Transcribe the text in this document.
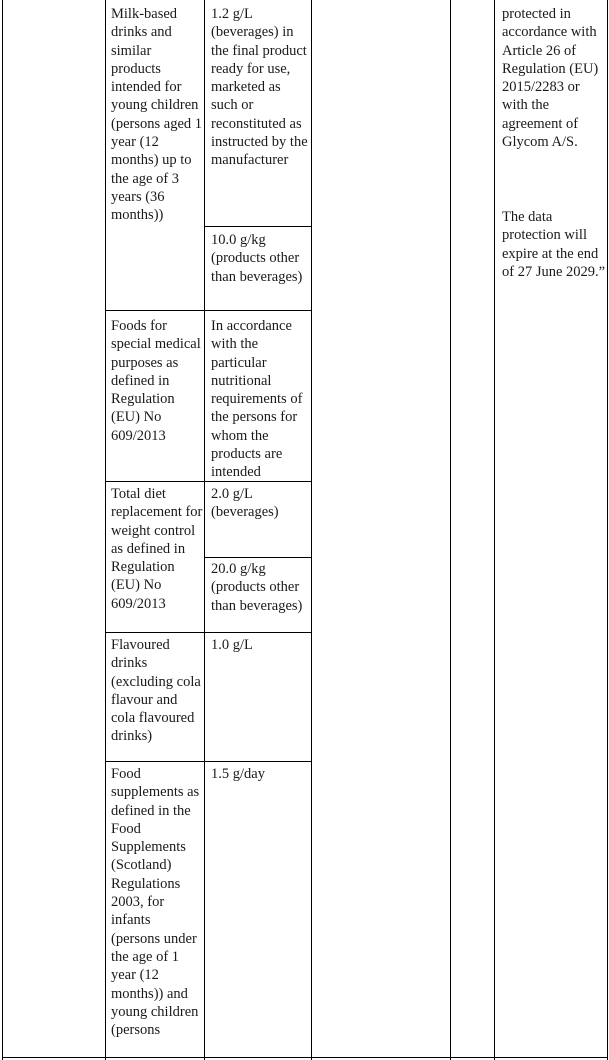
Milk-based drinks and similar products intended for young children (persons aged 1 year (12 months) up to the age of 3 years (36 months))
1.2 g/L (beverages) in the final product ready for use, marketed as such or reconstituted as instructed by the manufacturer
10.0 g/kg (products other than beverages)
Foods for special medical purposes as defined in Regulation (EU) No 609/2013
In accordance with the particular nutritional requirements of the persons for whom the products are intended
Total diet replacement for weight control as defined in Regulation (EU) No 609/2013
2.0 g/L (beverages)
20.0 g/kg (products other than beverages)
Flavoured drinks (excluding cola flavour and cola flavoured drinks)
1.0 g/L
Food supplements as defined in the Food Supplements (Scotland) Regulations 2003, for infants (persons under the age of 1 year (12 months)) and young children (persons
1.5 g/day
protected in accordance with Article 26 of Regulation (EU) 2015/2283 or with the agreement of Glycom A/S.
The data protection will expire at the end of 27 June 2029.”
